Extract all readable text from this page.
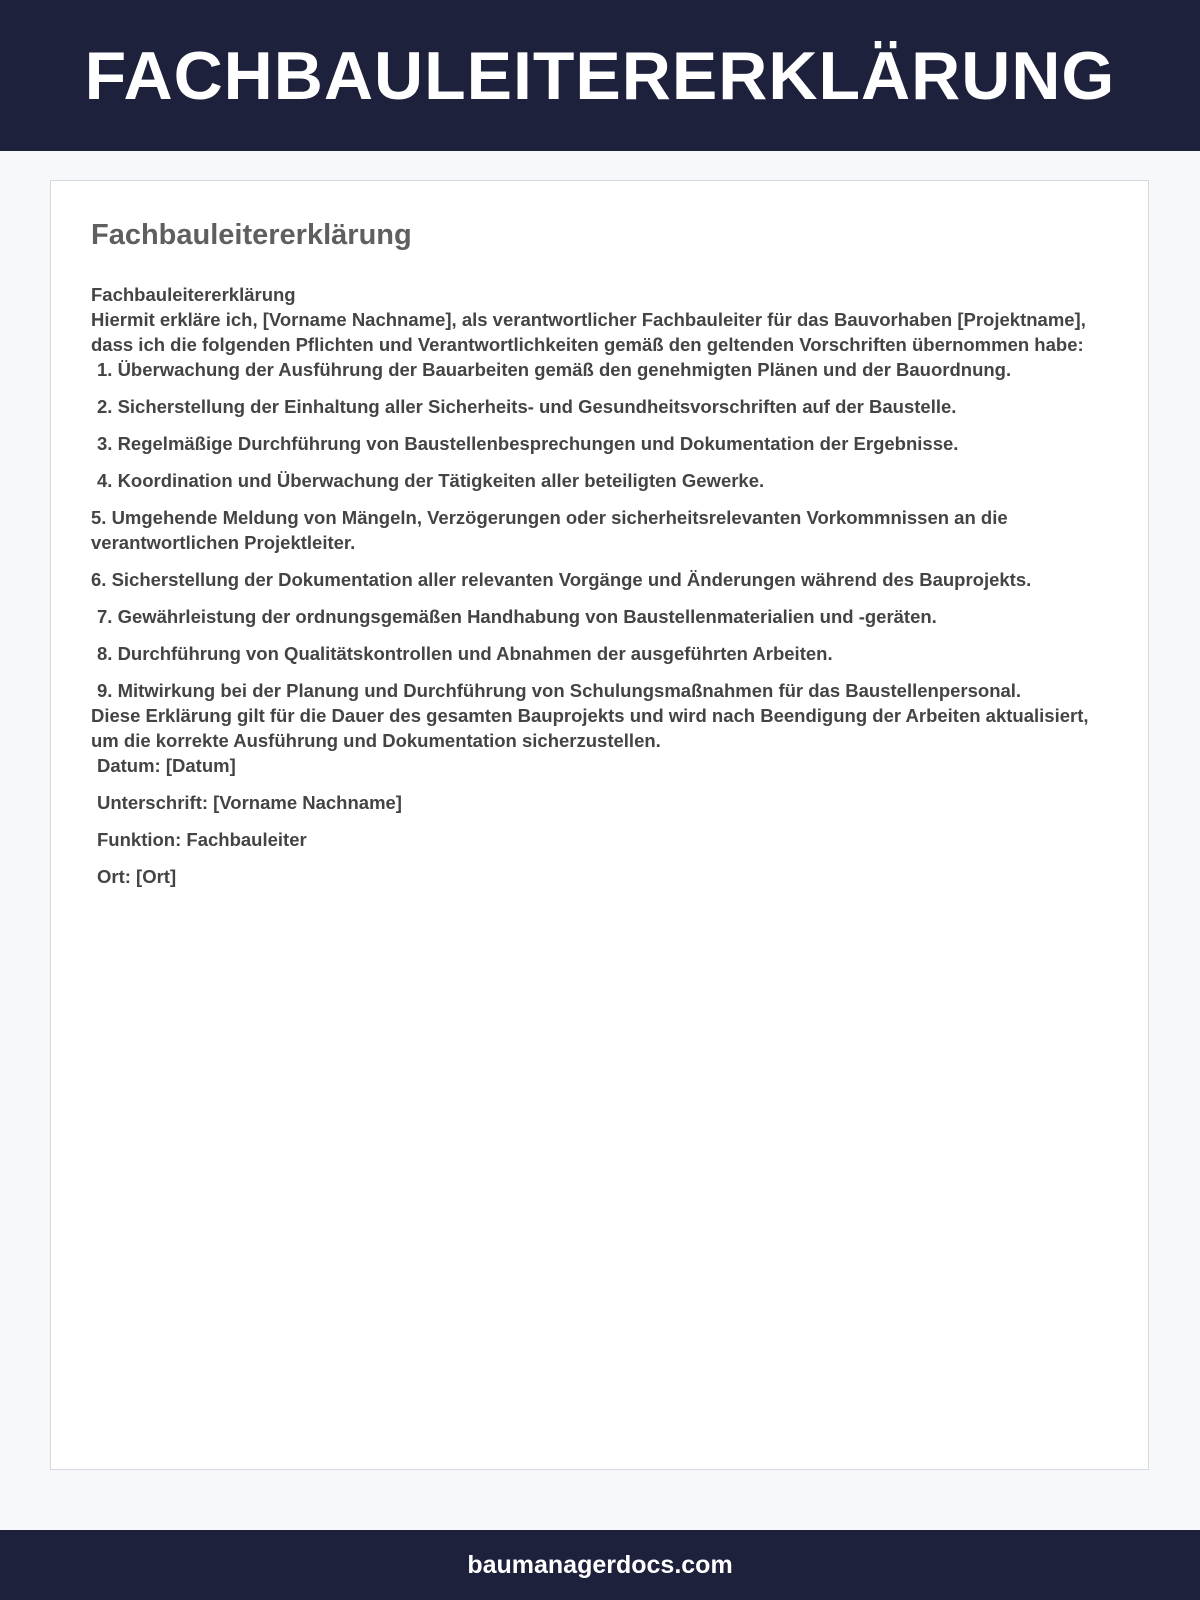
FACHBAULEITERERKLÄRUNG
Fachbauleitererklärung
Fachbauleitererklärung
Hiermit erkläre ich, [Vorname Nachname], als verantwortlicher Fachbauleiter für das Bauvorhaben [Projektname], dass ich die folgenden Pflichten und Verantwortlichkeiten gemäß den geltenden Vorschriften übernommen habe:
1. Überwachung der Ausführung der Bauarbeiten gemäß den genehmigten Plänen und der Bauordnung.
2. Sicherstellung der Einhaltung aller Sicherheits- und Gesundheitsvorschriften auf der Baustelle.
3. Regelmäßige Durchführung von Baustellenbesprechungen und Dokumentation der Ergebnisse.
4. Koordination und Überwachung der Tätigkeiten aller beteiligten Gewerke.
5. Umgehende Meldung von Mängeln, Verzögerungen oder sicherheitsrelevanten Vorkommnissen an die verantwortlichen Projektleiter.
6. Sicherstellung der Dokumentation aller relevanten Vorgänge und Änderungen während des Bauprojekts.
7. Gewährleistung der ordnungsgemäßen Handhabung von Baustellenmaterialien und -geräten.
8. Durchführung von Qualitätskontrollen und Abnahmen der ausgeführten Arbeiten.
9. Mitwirkung bei der Planung und Durchführung von Schulungsmaßnahmen für das Baustellenpersonal.
Diese Erklärung gilt für die Dauer des gesamten Bauprojekts und wird nach Beendigung der Arbeiten aktualisiert, um die korrekte Ausführung und Dokumentation sicherzustellen.
Datum: [Datum]
Unterschrift: [Vorname Nachname]
Funktion: Fachbauleiter
Ort: [Ort]
baumanagerdocs.com
